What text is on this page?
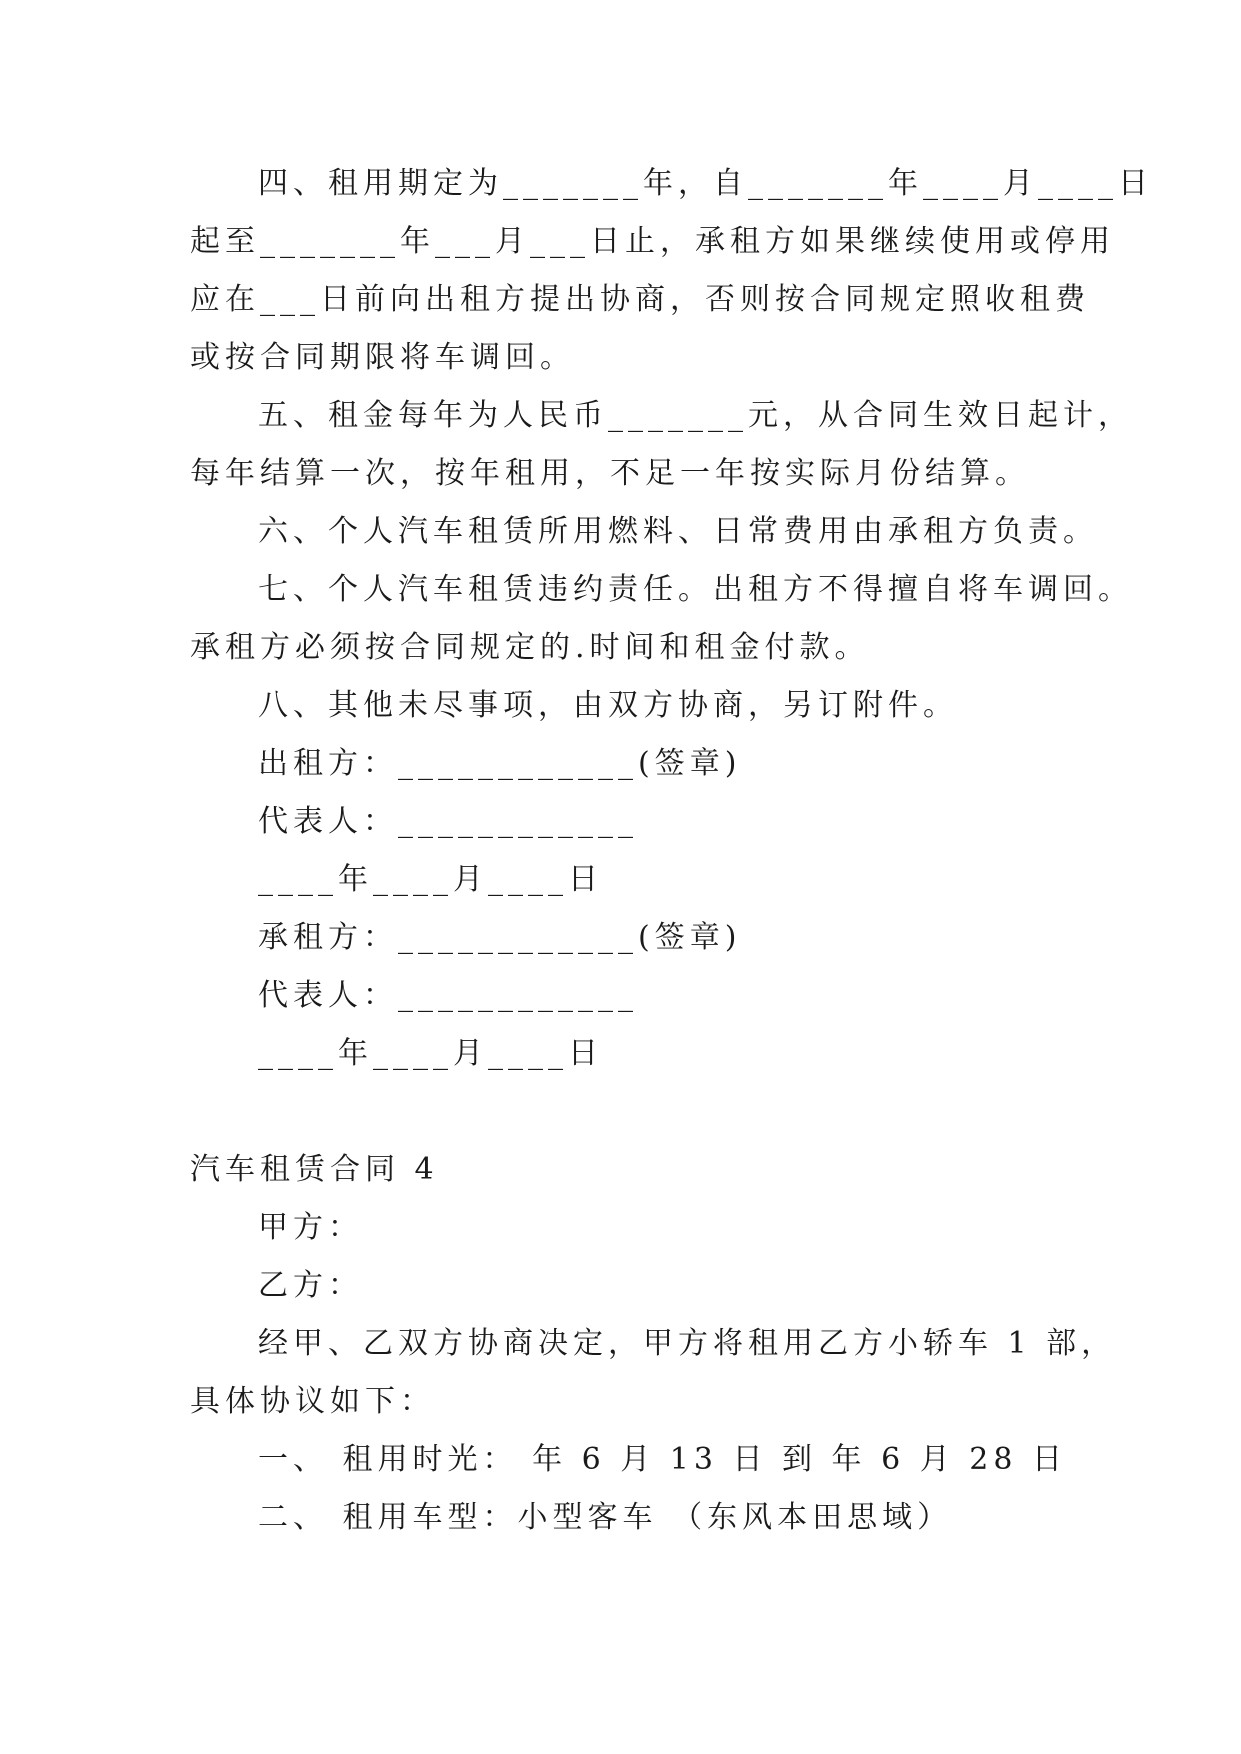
四、租用期定为_______年，自_______年____月____日

起至_______年___月___日止，承租方如果继续使用或停用

应在___日前向出租方提出协商，否则按合同规定照收租费

或按合同期限将车调回。

五、租金每年为人民币_______元，从合同生效日起计，

每年结算一次，按年租用，不足一年按实际月份结算。

六、个人汽车租赁所用燃料、日常费用由承租方负责。

七、个人汽车租赁违约责任。出租方不得擅自将车调回。

承租方必须按合同规定的.时间和租金付款。

八、其他未尽事项，由双方协商，另订附件。

出租方：____________(签章)

代表人：____________

____年____月____日

承租方：____________(签章)

代表人：____________

____年____月____日

汽车租赁合同 4

甲方：

乙方：

经甲、乙双方协商决定，甲方将租用乙方小轿车 1 部，

具体协议如下：

一、 租用时光： 年 6 月 13 日 到 年 6 月 28 日

二、 租用车型：小型客车 （东风本田思域）
